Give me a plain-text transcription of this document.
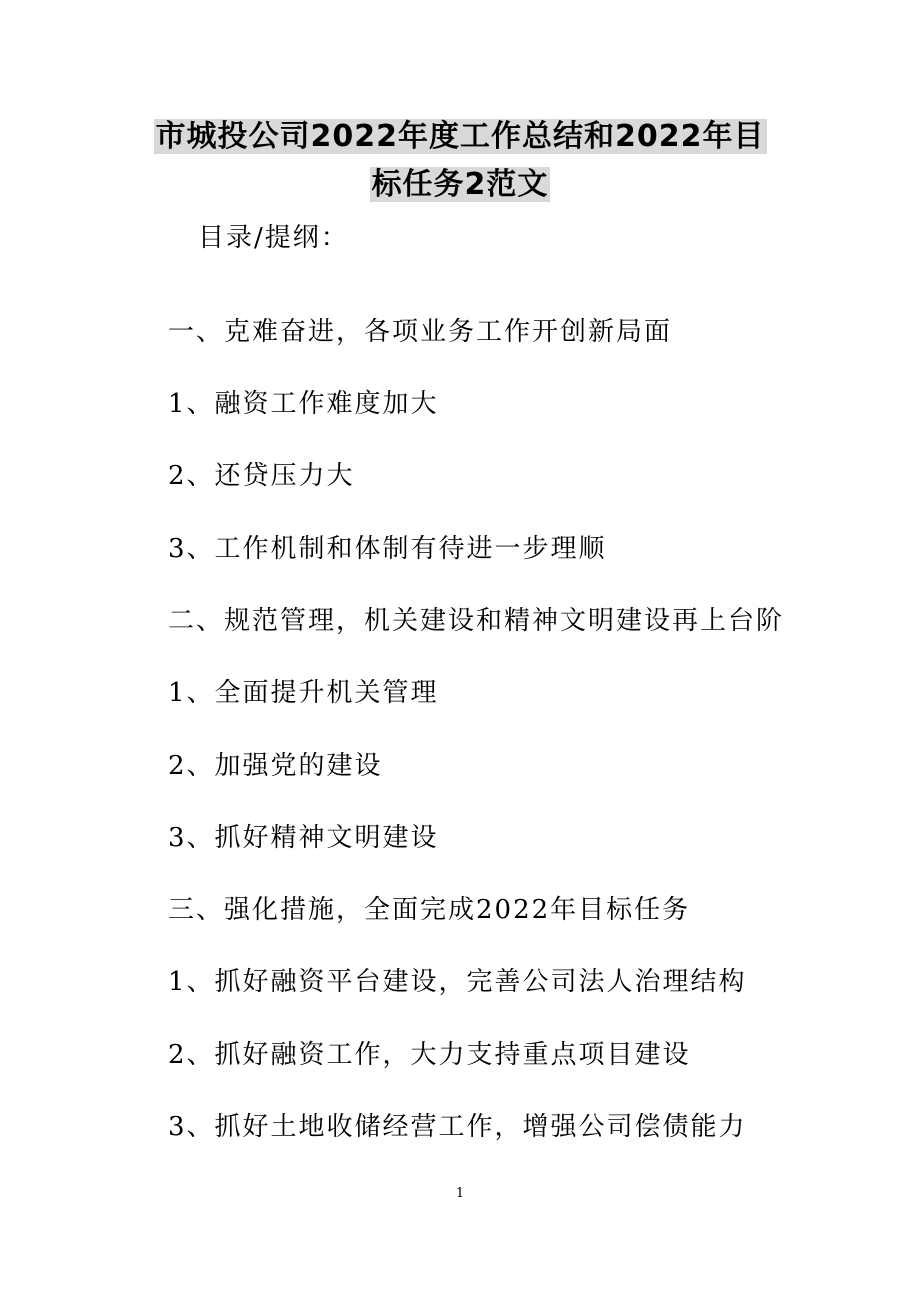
市城投公司2022年度工作总结和2022年目
标任务2范文
目录/提纲：
一、克难奋进，各项业务工作开创新局面
1、融资工作难度加大
2、还贷压力大
3、工作机制和体制有待进一步理顺
二、规范管理，机关建设和精神文明建设再上台阶
1、全面提升机关管理
2、加强党的建设
3、抓好精神文明建设
三、强化措施，全面完成2022年目标任务
1、抓好融资平台建设，完善公司法人治理结构
2、抓好融资工作，大力支持重点项目建设
3、抓好土地收储经营工作，增强公司偿债能力
1
